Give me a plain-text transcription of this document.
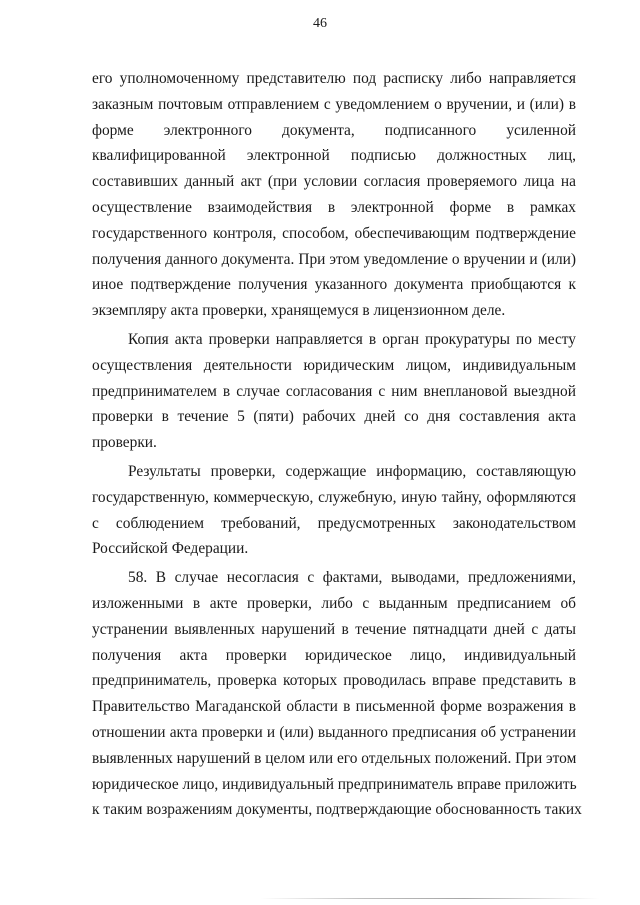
46

его уполномоченному представителю под расписку либо направляется
заказным почтовым отправлением с уведомлением о вручении, и (или) в
форме электронного документа, подписанного усиленной
квалифицированной электронной подписью должностных лиц,
составивших данный акт (при условии согласия проверяемого лица на
осуществление взаимодействия в электронной форме в рамках
государственного контроля, способом, обеспечивающим подтверждение
получения данного документа. При этом уведомление о вручении и (или)
иное подтверждение получения указанного документа приобщаются к
экземпляру акта проверки, хранящемуся в лицензионном деле.

Копия акта проверки направляется в орган прокуратуры по месту
осуществления деятельности юридическим лицом, индивидуальным
предпринимателем в случае согласования с ним внеплановой выездной
проверки в течение 5 (пяти) рабочих дней со дня составления акта
проверки.

Результаты проверки, содержащие информацию, составляющую
государственную, коммерческую, служебную, иную тайну, оформляются
с соблюдением требований, предусмотренных законодательством
Российской Федерации.

58. В случае несогласия с фактами, выводами, предложениями,
изложенными в акте проверки, либо с выданным предписанием об
устранении выявленных нарушений в течение пятнадцати дней с даты
получения акта проверки юридическое лицо, индивидуальный
предприниматель, проверка которых проводилась вправе представить в
Правительство Магаданской области в письменной форме возражения в
отношении акта проверки и (или) выданного предписания об устранении
выявленных нарушений в целом или его отдельных положений. При этом
юридическое лицо, индивидуальный предприниматель вправе приложить
к таким возражениям документы, подтверждающие обоснованность таких
